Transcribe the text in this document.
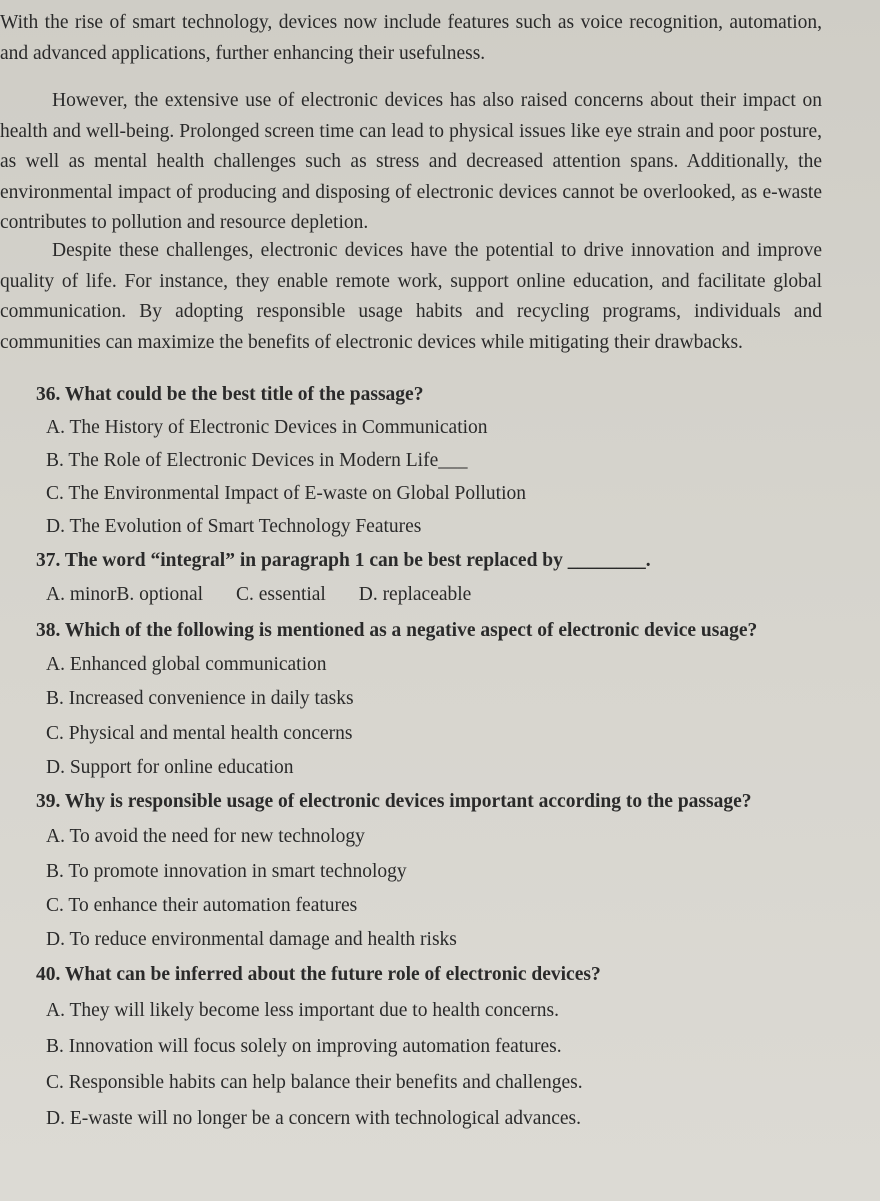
With the rise of smart technology, devices now include features such as voice recognition, automation, and advanced applications, further enhancing their usefulness.
However, the extensive use of electronic devices has also raised concerns about their impact on health and well-being. Prolonged screen time can lead to physical issues like eye strain and poor posture, as well as mental health challenges such as stress and decreased attention spans. Additionally, the environmental impact of producing and disposing of electronic devices cannot be overlooked, as e-waste contributes to pollution and resource depletion.
Despite these challenges, electronic devices have the potential to drive innovation and improve quality of life. For instance, they enable remote work, support online education, and facilitate global communication. By adopting responsible usage habits and recycling programs, individuals and communities can maximize the benefits of electronic devices while mitigating their drawbacks.
36. What could be the best title of the passage?
A. The History of Electronic Devices in Communication
B. The Role of Electronic Devices in Modern Life___
C. The Environmental Impact of E-waste on Global Pollution
D. The Evolution of Smart Technology Features
37. The word “integral” in paragraph 1 can be best replaced by ________.
A. minorB. optional C. essential D. replaceable
38. Which of the following is mentioned as a negative aspect of electronic device usage?
A. Enhanced global communication
B. Increased convenience in daily tasks
C. Physical and mental health concerns
D. Support for online education
39. Why is responsible usage of electronic devices important according to the passage?
A. To avoid the need for new technology
B. To promote innovation in smart technology
C. To enhance their automation features
D. To reduce environmental damage and health risks
40. What can be inferred about the future role of electronic devices?
A. They will likely become less important due to health concerns.
B. Innovation will focus solely on improving automation features.
C. Responsible habits can help balance their benefits and challenges.
D. E-waste will no longer be a concern with technological advances.
